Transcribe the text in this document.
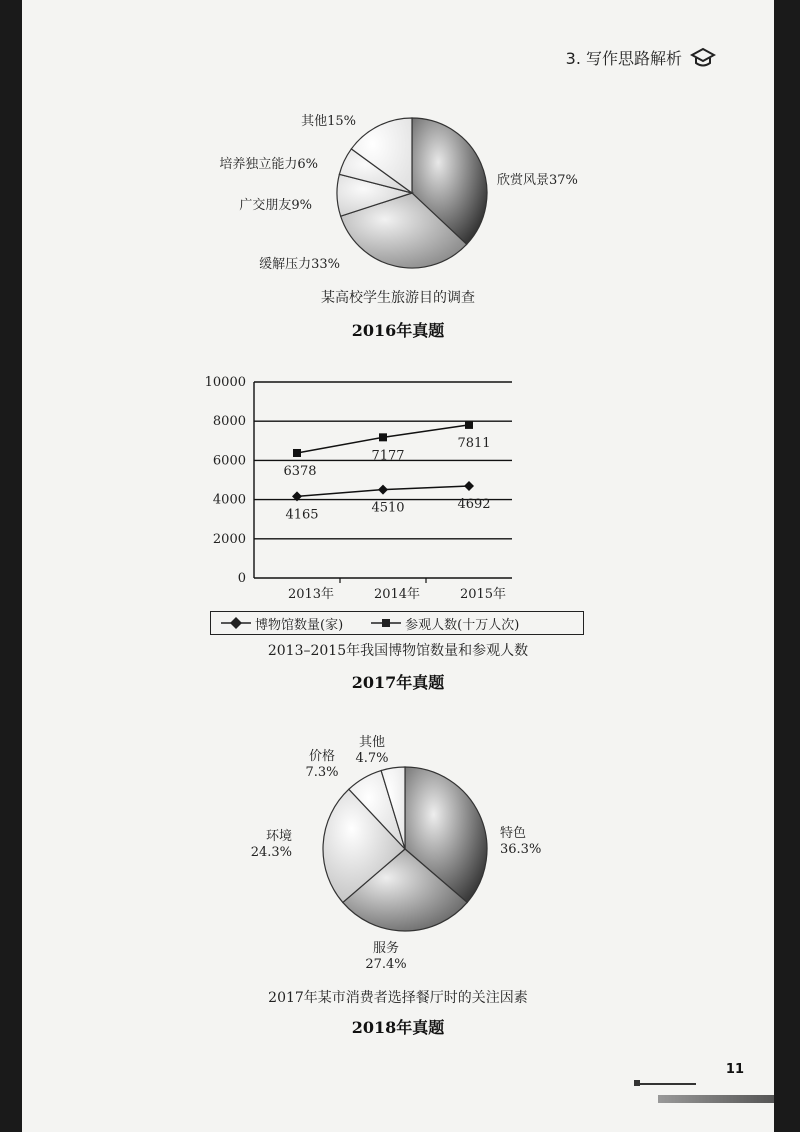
3. 写作思路解析
欣赏风景37%
缓解压力33%
广交朋友9%
培养独立能力6%
其他15%
某高校学生旅游目的调查
2016年真题
0
2000
4000
6000
8000
10000
2013年	2014年	2015年
4165	4510	4692
6378
7177
7811
博物馆数量(家)	参观人数(十万人次)
2013–2015年我国博物馆数量和参观人数
2017年真题
特色
36.3%
服务
27.4%
环境
24.3%
价格
7.3%
其他
4.7%
2017年某市消费者选择餐厅时的关注因素
2018年真题
11
